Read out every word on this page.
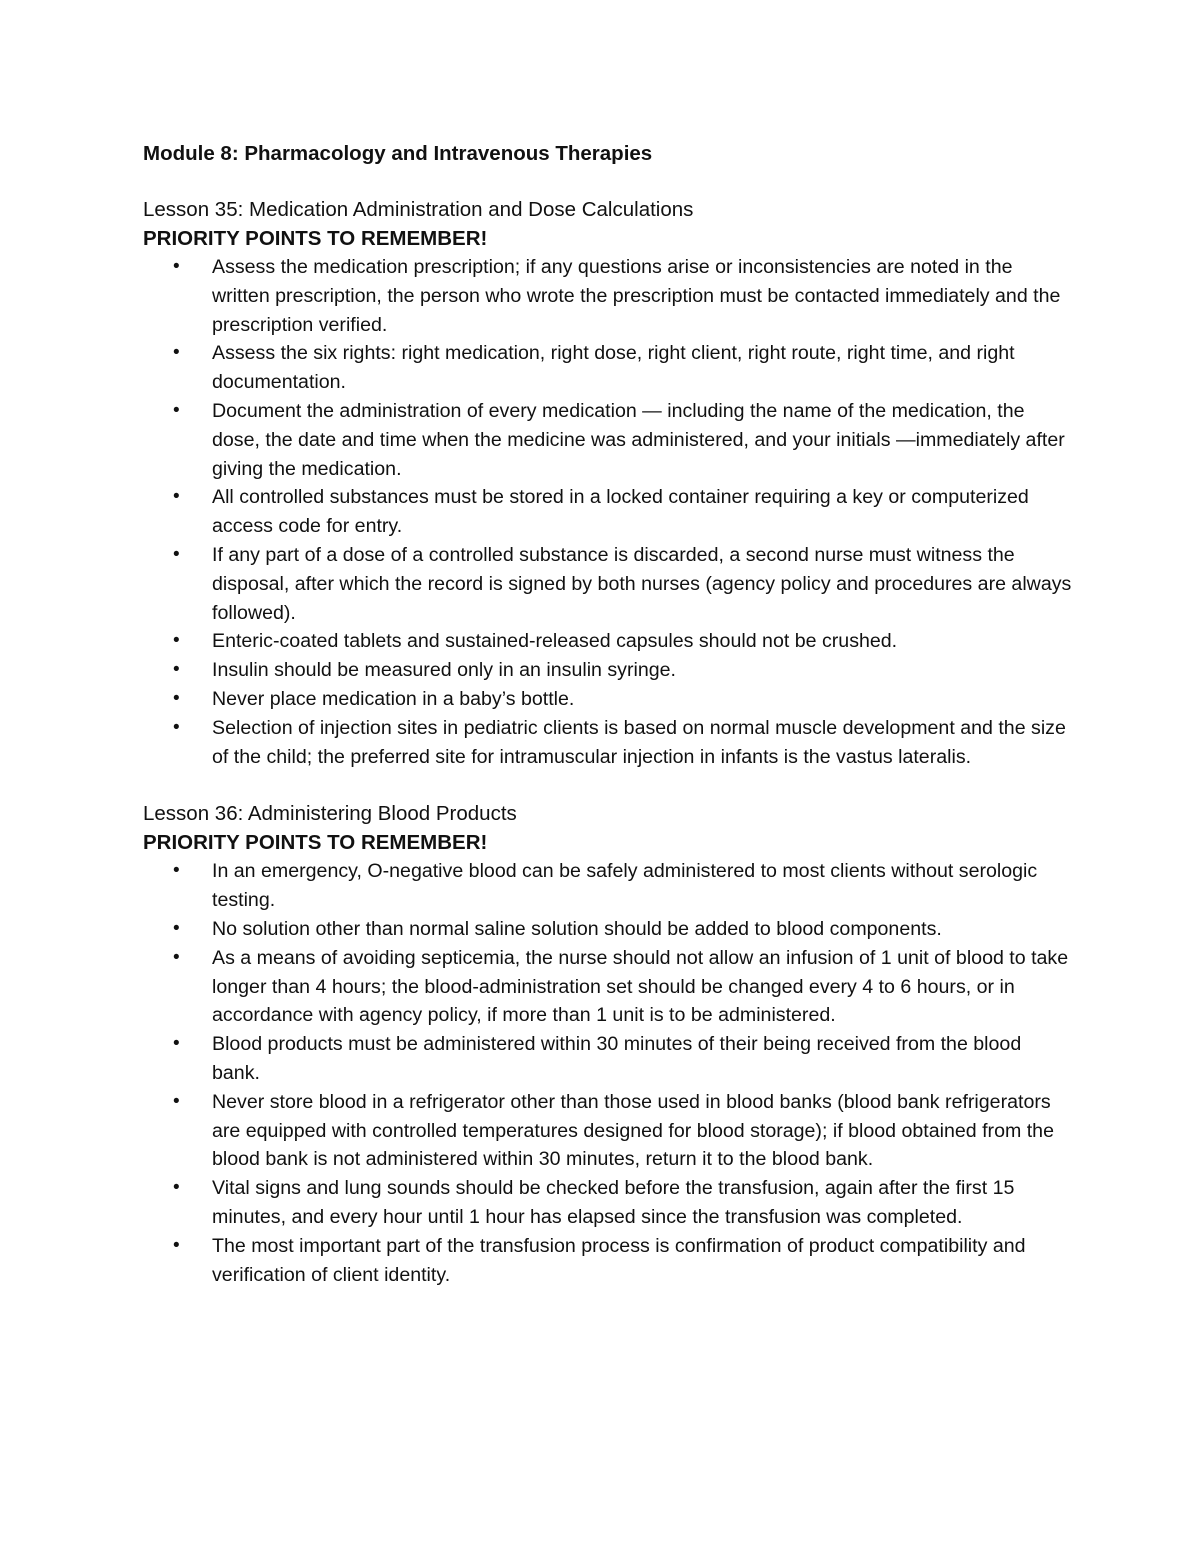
Module 8: Pharmacology and Intravenous Therapies
Lesson 35: Medication Administration and Dose Calculations
PRIORITY POINTS TO REMEMBER!
• Assess the medication prescription; if any questions arise or inconsistencies are noted in the written prescription, the person who wrote the prescription must be contacted immediately and the prescription verified.
• Assess the six rights: right medication, right dose, right client, right route, right time, and right documentation.
• Document the administration of every medication — including the name of the medication, the dose, the date and time when the medicine was administered, and your initials —immediately after giving the medication.
• All controlled substances must be stored in a locked container requiring a key or computerized access code for entry.
• If any part of a dose of a controlled substance is discarded, a second nurse must witness the disposal, after which the record is signed by both nurses (agency policy and procedures are always followed).
• Enteric-coated tablets and sustained-released capsules should not be crushed.
• Insulin should be measured only in an insulin syringe.
• Never place medication in a baby’s bottle.
• Selection of injection sites in pediatric clients is based on normal muscle development and the size of the child; the preferred site for intramuscular injection in infants is the vastus lateralis.
Lesson 36: Administering Blood Products
PRIORITY POINTS TO REMEMBER!
• In an emergency, O-negative blood can be safely administered to most clients without serologic testing.
• No solution other than normal saline solution should be added to blood components.
• As a means of avoiding septicemia, the nurse should not allow an infusion of 1 unit of blood to take longer than 4 hours; the blood-administration set should be changed every 4 to 6 hours, or in accordance with agency policy, if more than 1 unit is to be administered.
• Blood products must be administered within 30 minutes of their being received from the blood bank.
• Never store blood in a refrigerator other than those used in blood banks (blood bank refrigerators are equipped with controlled temperatures designed for blood storage); if blood obtained from the blood bank is not administered within 30 minutes, return it to the blood bank.
• Vital signs and lung sounds should be checked before the transfusion, again after the first 15 minutes, and every hour until 1 hour has elapsed since the transfusion was completed.
• The most important part of the transfusion process is confirmation of product compatibility and verification of client identity.
